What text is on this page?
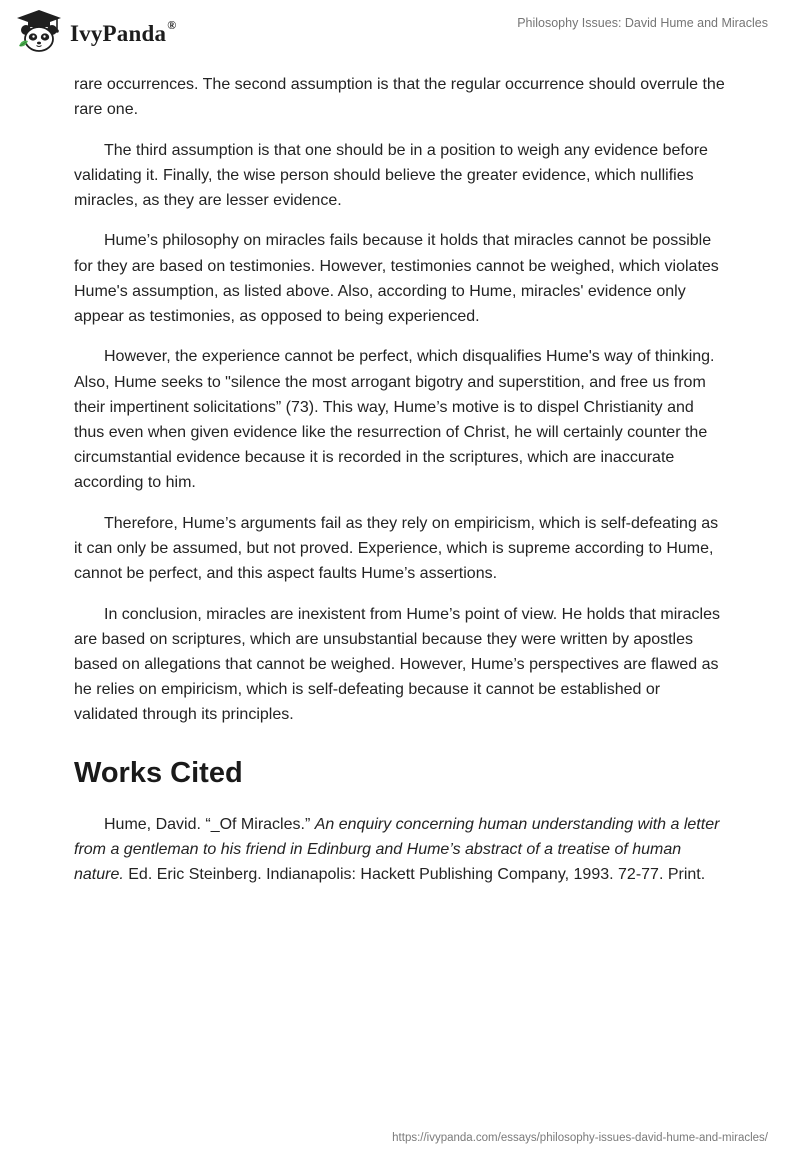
IvyPanda®	Philosophy Issues: David Hume and Miracles

rare occurrences. The second assumption is that the regular occurrence should overrule the rare one.

The third assumption is that one should be in a position to weigh any evidence before validating it. Finally, the wise person should believe the greater evidence, which nullifies miracles, as they are lesser evidence.

Hume’s philosophy on miracles fails because it holds that miracles cannot be possible for they are based on testimonies. However, testimonies cannot be weighed, which violates Hume's assumption, as listed above. Also, according to Hume, miracles' evidence only appear as testimonies, as opposed to being experienced.

However, the experience cannot be perfect, which disqualifies Hume's way of thinking. Also, Hume seeks to "silence the most arrogant bigotry and superstition, and free us from their impertinent solicitations” (73). This way, Hume’s motive is to dispel Christianity and thus even when given evidence like the resurrection of Christ, he will certainly counter the circumstantial evidence because it is recorded in the scriptures, which are inaccurate according to him.

Therefore, Hume’s arguments fail as they rely on empiricism, which is self-defeating as it can only be assumed, but not proved. Experience, which is supreme according to Hume, cannot be perfect, and this aspect faults Hume’s assertions.

In conclusion, miracles are inexistent from Hume’s point of view. He holds that miracles are based on scriptures, which are unsubstantial because they were written by apostles based on allegations that cannot be weighed. However, Hume’s perspectives are flawed as he relies on empiricism, which is self-defeating because it cannot be established or validated through its principles.

Works Cited

Hume, David. “_Of Miracles.” An enquiry concerning human understanding with a letter from a gentleman to his friend in Edinburg and Hume’s abstract of a treatise of human nature. Ed. Eric Steinberg. Indianapolis: Hackett Publishing Company, 1993. 72-77. Print.

https://ivypanda.com/essays/philosophy-issues-david-hume-and-miracles/
